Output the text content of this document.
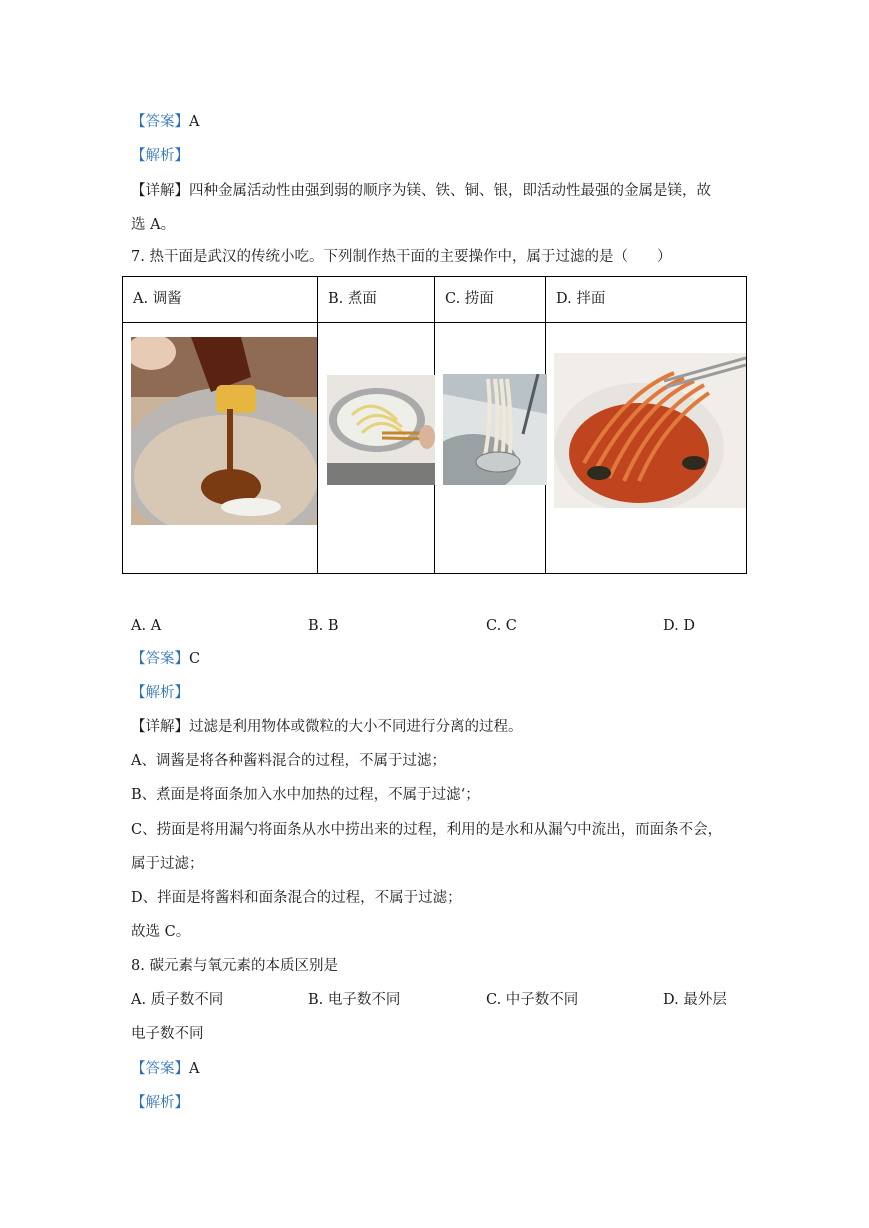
【答案】A
【解析】
【详解】四种金属活动性由强到弱的顺序为镁、铁、铜、银，即活动性最强的金属是镁，故
选 A。
7. 热干面是武汉的传统小吃。下列制作热干面的主要操作中，属于过滤的是（　　）
A. 调酱	B. 煮面	C. 捞面	D. 拌面

A. A	B. B	C. C	D. D
【答案】C
【解析】
【详解】过滤是利用物体或微粒的大小不同进行分离的过程。
A、调酱是将各种酱料混合的过程，不属于过滤；
B、煮面是将面条加入水中加热的过程，不属于过滤‘；
C、捞面是将用漏勺将面条从水中捞出来的过程，利用的是水和从漏勺中流出，而面条不会，
属于过滤；
D、拌面是将酱料和面条混合的过程，不属于过滤；
故选 C。
8. 碳元素与氧元素的本质区别是
A. 质子数不同	B. 电子数不同	C. 中子数不同	D. 最外层
电子数不同
【答案】A
【解析】
